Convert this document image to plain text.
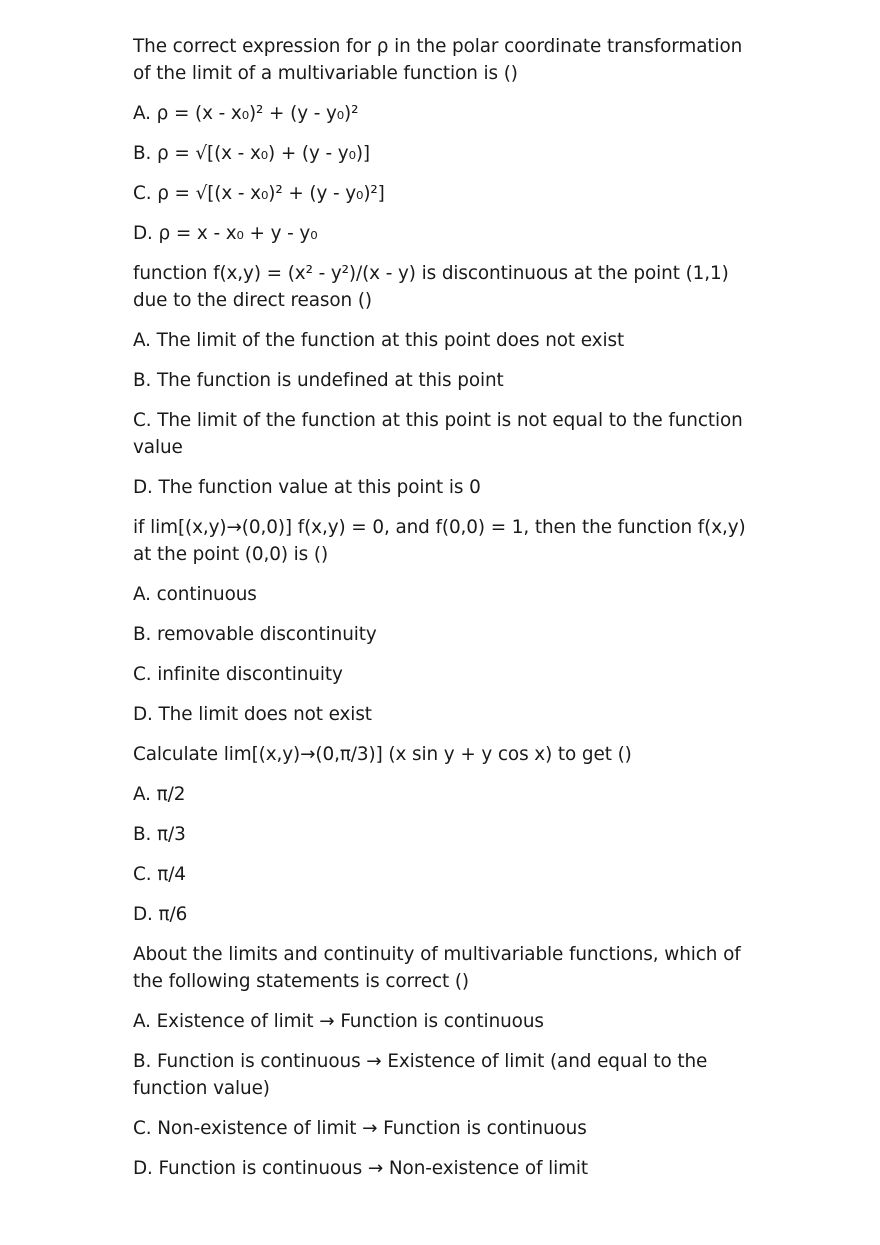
The correct expression for ρ in the polar coordinate transformation of the limit of a multivariable function is ()

A. ρ = (x - x₀)² + (y - y₀)²

B. ρ = √[(x - x₀) + (y - y₀)]

C. ρ = √[(x - x₀)² + (y - y₀)²]

D. ρ = x - x₀ + y - y₀

function f(x,y) = (x² - y²)/(x - y) is discontinuous at the point (1,1) due to the direct reason ()

A. The limit of the function at this point does not exist

B. The function is undefined at this point

C. The limit of the function at this point is not equal to the function value

D. The function value at this point is 0

if lim[(x,y)→(0,0)] f(x,y) = 0, and f(0,0) = 1, then the function f(x,y) at the point (0,0) is ()

A. continuous

B. removable discontinuity

C. infinite discontinuity

D. The limit does not exist

Calculate lim[(x,y)→(0,π/3)] (x sin y + y cos x) to get ()

A. π/2

B. π/3

C. π/4

D. π/6

About the limits and continuity of multivariable functions, which of the following statements is correct ()

A. Existence of limit → Function is continuous

B. Function is continuous → Existence of limit (and equal to the function value)

C. Non-existence of limit → Function is continuous

D. Function is continuous → Non-existence of limit
